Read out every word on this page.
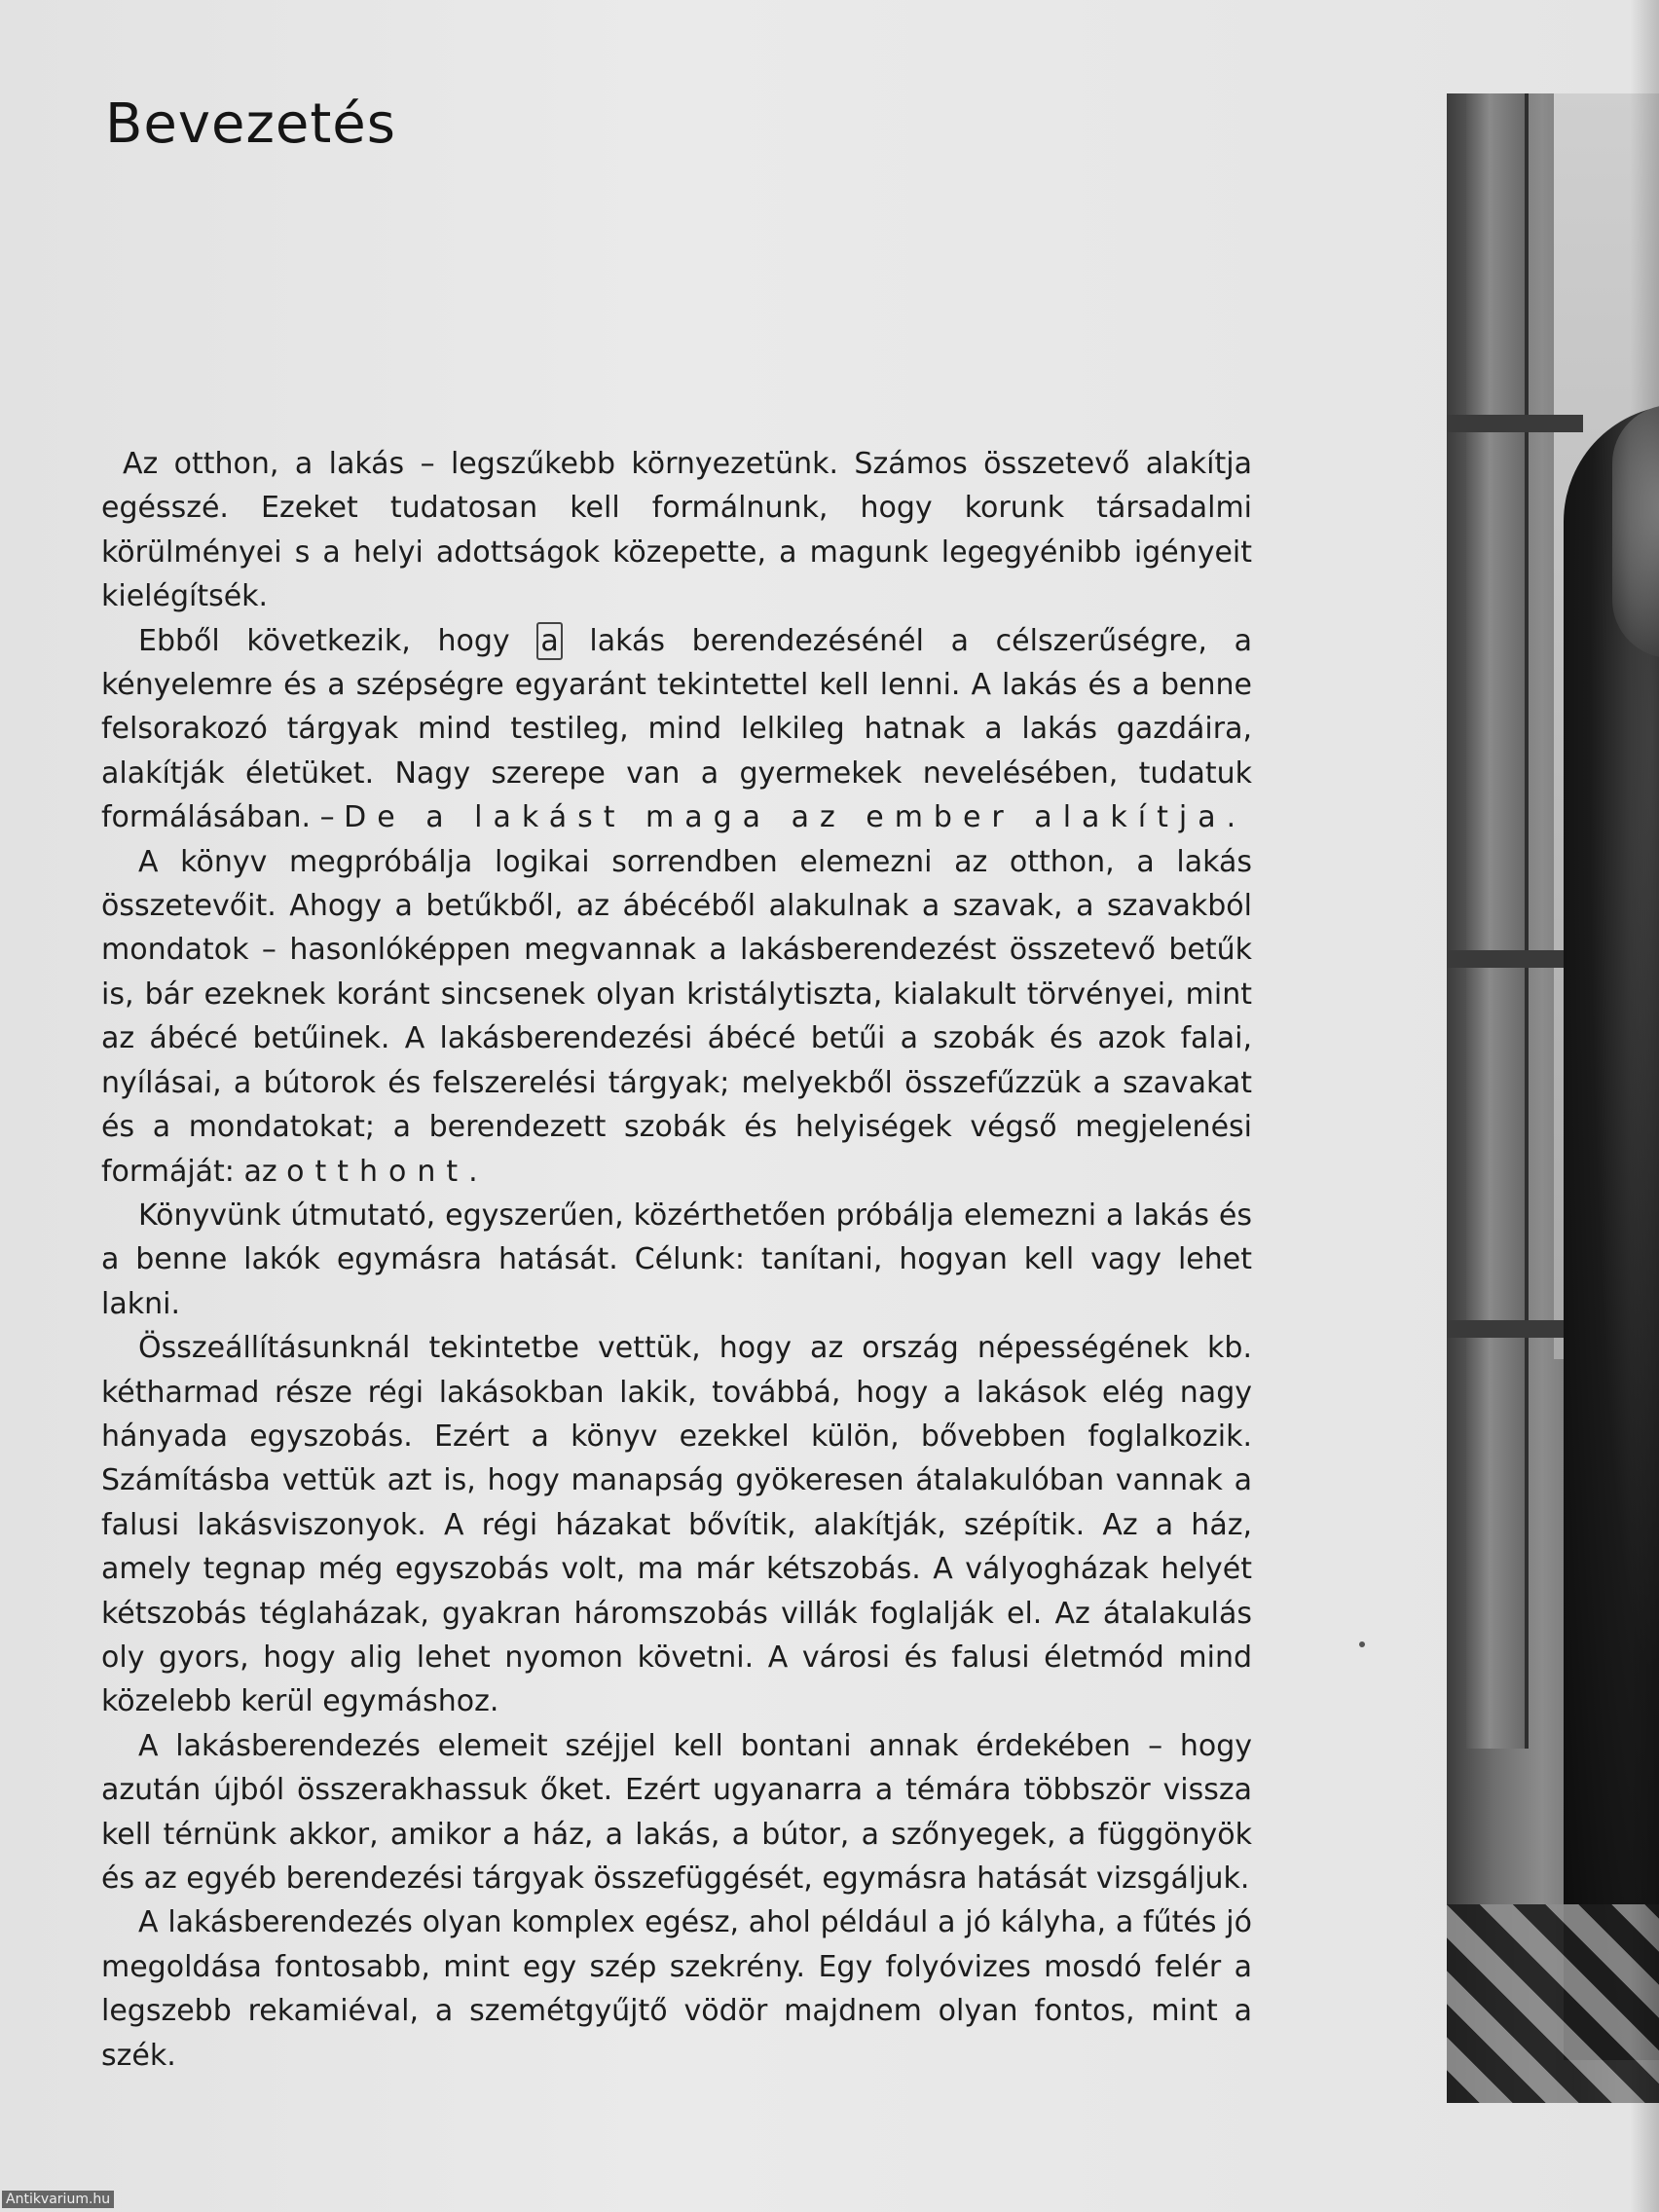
Bevezetés

Az otthon, a lakás – legszűkebb környezetünk. Számos összetevő alakítja egésszé. Ezeket tudatosan kell formálnunk, hogy korunk társadalmi körülményei s a helyi adottságok közepette, a magunk legegyénibb igényeit kielégítsék.

Ebből következik, hogy a lakás berendezésénél a célszerűségre, a kényelemre és a szépségre egyaránt tekintettel kell lenni. A lakás és a benne felsorakozó tárgyak mind testileg, mind lelkileg hatnak a lakás gazdáira, alakítják életüket. Nagy szerepe van a gyermekek nevelésében, tudatuk formálásában. – De a lakást maga az ember alakítja.

A könyv megpróbálja logikai sorrendben elemezni az otthon, a lakás összetevőit. Ahogy a betűkből, az ábécéből alakulnak a szavak, a szavakból mondatok – hasonlóképpen megvannak a lakásberendezést összetevő betűk is, bár ezeknek koránt sincsenek olyan kristálytiszta, kialakult törvényei, mint az ábécé betűinek. A lakásberendezési ábécé betűi a szobák és azok falai, nyílásai, a bútorok és felszerelési tárgyak; melyekből összefűzzük a szavakat és a mondatokat; a berendezett szobák és helyiségek végső megjelenési formáját: az otthont.

Könyvünk útmutató, egyszerűen, közérthetően próbálja elemezni a lakás és a benne lakók egymásra hatását. Célunk: tanítani, hogyan kell vagy lehet lakni.

Összeállításunknál tekintetbe vettük, hogy az ország népességének kb. kétharmad része régi lakásokban lakik, továbbá, hogy a lakások elég nagy hányada egyszobás. Ezért a könyv ezekkel külön, bővebben foglalkozik. Számításba vettük azt is, hogy manapság gyökeresen átalakulóban vannak a falusi lakásviszonyok. A régi házakat bővítik, alakítják, szépítik. Az a ház, amely tegnap még egyszobás volt, ma már kétszobás. A vályogházak helyét kétszobás téglaházak, gyakran háromszobás villák foglalják el. Az átalakulás oly gyors, hogy alig lehet nyomon követni. A városi és falusi életmód mind közelebb kerül egymáshoz.

A lakásberendezés elemeit széjjel kell bontani annak érdekében – hogy azután újból összerakhassuk őket. Ezért ugyanarra a témára többször vissza kell térnünk akkor, amikor a ház, a lakás, a bútor, a szőnyegek, a függönyök és az egyéb berendezési tárgyak összefüggését, egymásra hatását vizsgáljuk.

A lakásberendezés olyan komplex egész, ahol például a jó kályha, a fűtés jó megoldása fontosabb, mint egy szép szekrény. Egy folyóvizes mosdó felér a legszebb rekamiéval, a szemétgyűjtő vödör majdnem olyan fontos, mint a szék.

Antikvarium.hu
